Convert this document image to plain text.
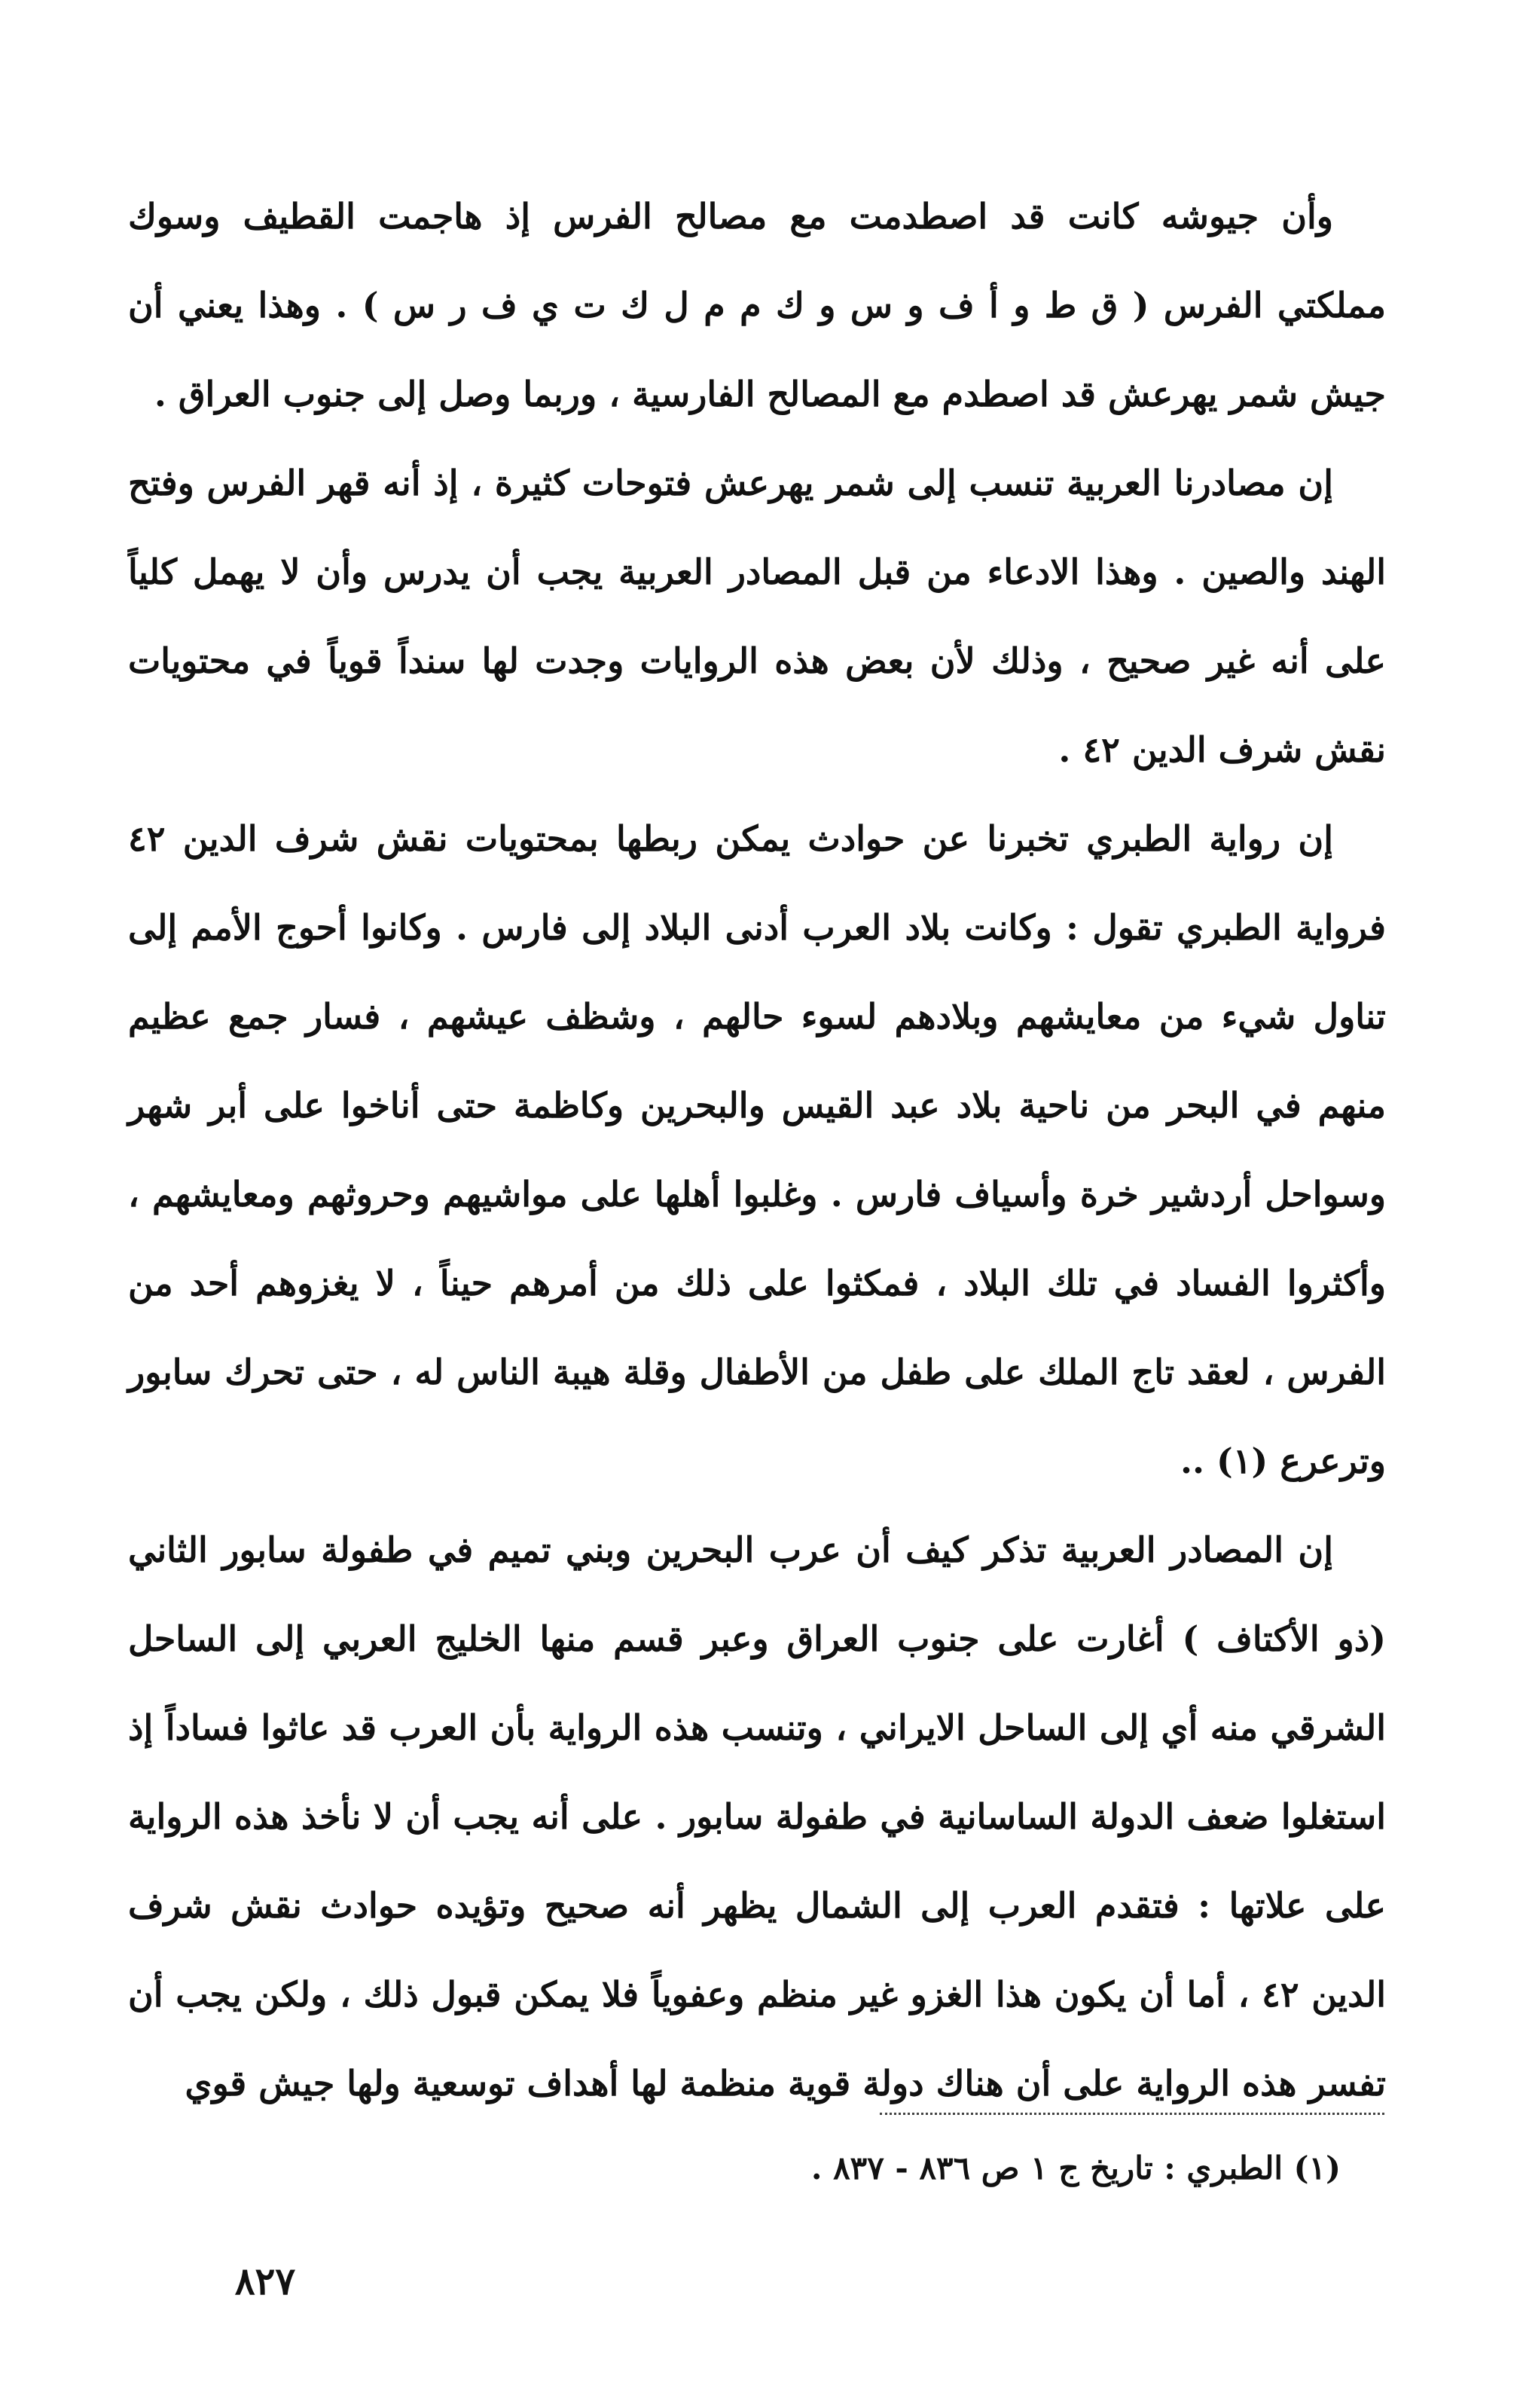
وأن جيوشه كانت قد اصطدمت مع مصالح الفرس إذ هاجمت القطيف وسوك مملكتي الفرس ( ق ط و أ ف و س و ك م م ل ك ت ي ف ر س ) . وهذا يعني أن جيش شمر يهرعش قد اصطدم مع المصالح الفارسية ، وربما وصل إلى جنوب العراق .

إن مصادرنا العربية تنسب إلى شمر يهرعش فتوحات كثيرة ، إذ أنه قهر الفرس وفتح الهند والصين . وهذا الادعاء من قبل المصادر العربية يجب أن يدرس وأن لا يهمل كلياً على أنه غير صحيح ، وذلك لأن بعض هذه الروايات وجدت لها سنداً قوياً في محتويات نقش شرف الدين ٤٢ .

إن رواية الطبري تخبرنا عن حوادث يمكن ربطها بمحتويات نقش شرف الدين ٤٢ فرواية الطبري تقول : وكانت بلاد العرب أدنى البلاد إلى فارس . وكانوا أحوج الأمم إلى تناول شيء من معايشهم وبلادهم لسوء حالهم ، وشظف عيشهم ، فسار جمع عظيم منهم في البحر من ناحية بلاد عبد القيس والبحرين وكاظمة حتى أناخوا على أبر شهر وسواحل أردشير خرة وأسياف فارس . وغلبوا أهلها على مواشيهم وحروثهم ومعايشهم ، وأكثروا الفساد في تلك البلاد ، فمكثوا على ذلك من أمرهم حيناً ، لا يغزوهم أحد من الفرس ، لعقد تاج الملك على طفل من الأطفال وقلة هيبة الناس له ، حتى تحرك سابور وترعرع (١) ..

إن المصادر العربية تذكر كيف أن عرب البحرين وبني تميم في طفولة سابور الثاني (ذو الأكتاف ) أغارت على جنوب العراق وعبر قسم منها الخليج العربي إلى الساحل الشرقي منه أي إلى الساحل الايراني ، وتنسب هذه الرواية بأن العرب قد عاثوا فساداً إذ استغلوا ضعف الدولة الساسانية في طفولة سابور . على أنه يجب أن لا نأخذ هذه الرواية على علاتها : فتقدم العرب إلى الشمال يظهر أنه صحيح وتؤيده حوادث نقش شرف الدين ٤٢ ، أما أن يكون هذا الغزو غير منظم وعفوياً فلا يمكن قبول ذلك ، ولكن يجب أن تفسر هذه الرواية على أن هناك دولة قوية منظمة لها أهداف توسعية ولها جيش قوي

(١) الطبري : تاريخ ج ١ ص ٨٣٦ - ٨٣٧ .
٨٢٧
